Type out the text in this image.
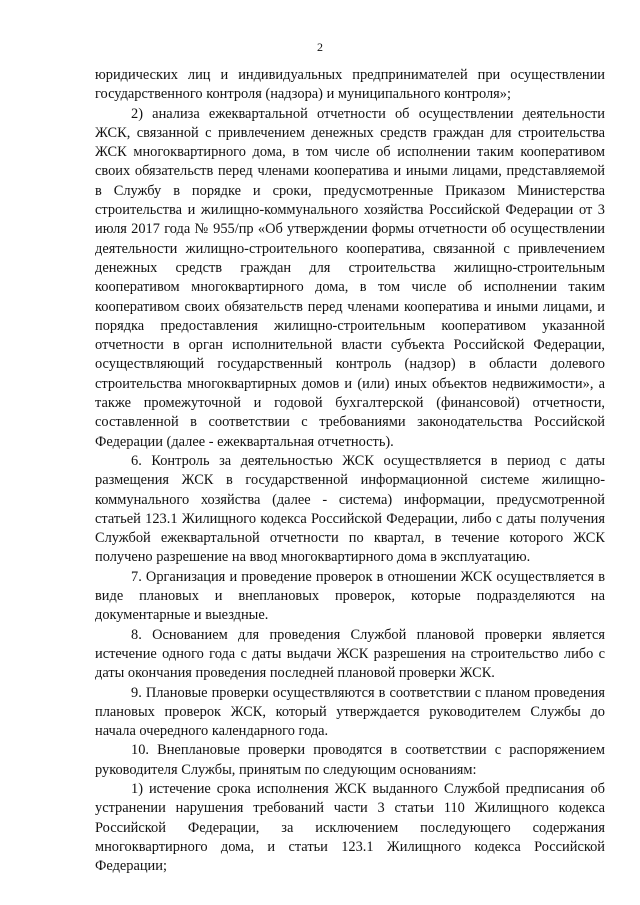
2

юридических лиц и индивидуальных предпринимателей при осуществлении государственного контроля (надзора) и муниципального контроля»;

2) анализа ежеквартальной отчетности об осуществлении деятельности ЖСК, связанной с привлечением денежных средств граждан для строительства ЖСК многоквартирного дома, в том числе об исполнении таким кооперативом своих обязательств перед членами кооператива и иными лицами, представляемой в Службу в порядке и сроки, предусмотренные Приказом Министерства строительства и жилищно-коммунального хозяйства Российской Федерации от 3 июля 2017 года № 955/пр «Об утверждении формы отчетности об осуществлении деятельности жилищно-строительного кооператива, связанной с привлечением денежных средств граждан для строительства жилищно-строительным кооперативом многоквартирного дома, в том числе об исполнении таким кооперативом своих обязательств перед членами кооператива и иными лицами, и порядка предоставления жилищно-строительным кооперативом указанной отчетности в орган исполнительной власти субъекта Российской Федерации, осуществляющий государственный контроль (надзор) в области долевого строительства многоквартирных домов и (или) иных объектов недвижимости», а также промежуточной и годовой бухгалтерской (финансовой) отчетности, составленной в соответствии с требованиями законодательства Российской Федерации (далее - ежеквартальная отчетность).

6. Контроль за деятельностью ЖСК осуществляется в период с даты размещения ЖСК в государственной информационной системе жилищно-коммунального хозяйства (далее - система) информации, предусмотренной статьей 123.1 Жилищного кодекса Российской Федерации, либо с даты получения Службой ежеквартальной отчетности по квартал, в течение которого ЖСК получено разрешение на ввод многоквартирного дома в эксплуатацию.

7. Организация и проведение проверок в отношении ЖСК осуществляется в виде плановых и внеплановых проверок, которые подразделяются на документарные и выездные.

8. Основанием для проведения Службой плановой проверки является истечение одного года с даты выдачи ЖСК разрешения на строительство либо с даты окончания проведения последней плановой проверки ЖСК.

9. Плановые проверки осуществляются в соответствии с планом проведения плановых проверок ЖСК, который утверждается руководителем Службы до начала очередного календарного года.

10. Внеплановые проверки проводятся в соответствии с распоряжением руководителя Службы, принятым по следующим основаниям:

1) истечение срока исполнения ЖСК выданного Службой предписания об устранении нарушения требований части 3 статьи 110 Жилищного кодекса Российской Федерации, за исключением последующего содержания многоквартирного дома, и статьи 123.1 Жилищного кодекса Российской Федерации;
